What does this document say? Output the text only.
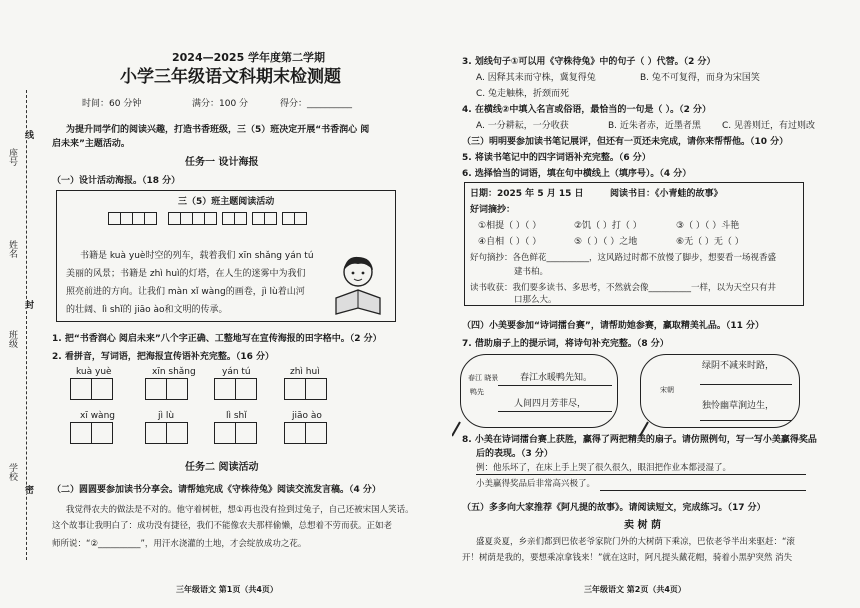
座号
姓名
班级
学校
线
封
密
2024—2025 学年度第二学期
小学三年级语文科期末检测题
时间：60 分钟	满分：100 分	得分：__________
为提升同学们的阅读兴趣，打造书香班级，三（5）班决定开展“书香润心 阅
启未来”主题活动。
任务一 设计海报
（一）设计活动海报。（18 分）
三（5）班主题阅读活动
书籍是 kuà yuè时空的列车，载着我们 xīn shǎng yán tú
美丽的风景；书籍是 zhì huì的灯塔，在人生的迷雾中为我们
照亮前进的方向。让我们 màn xǐ wàng的画卷，jì lù着山河
的壮阔、lì shǐ的 jiāo ào和文明的传承。
1. 把“书香润心 阅启未来”八个字正确、工整地写在宣传海报的田字格中。（2 分）
2. 看拼音，写词语，把海报宣传语补充完整。（16 分）
kuà yuè	xīn shǎng	yán tú	zhì huì
xī wàng	jì lù	lì shǐ	jiāo ào
任务二 阅读活动
（二）圆圆要参加读书分享会。请帮她完成《守株待兔》阅读交流发言稿。（4 分）
我觉得农夫的做法是不对的。他守着树桩，想①再也没有捡到过兔子，自己还被宋国人笑话。
这个故事让我明白了：成功没有捷径，我们不能像农夫那样偷懒，总想着不劳而获。正如老
师所说：“②__________”，用汗水浇灌的土地，才会绽放成功之花。
三年级语文 第1页（共4页）
3. 划线句子①可以用《守株待兔》中的句子（ ）代替。（2 分）
A. 因释其耒而守株，冀复得兔	B. 兔不可复得，而身为宋国笑
C. 兔走触株，折颈而死
4. 在横线②中填入名言或俗语，最恰当的一句是（ ）。（2 分）
A. 一分耕耘，一分收获	B. 近朱者赤，近墨者黑 C. 见善则迁，有过则改
（三）明明要参加读书笔记展评，但还有一页还未完成，请你来帮帮他。（10 分）
5. 将读书笔记中的四字词语补充完整。（6 分）
6. 选择恰当的词语，填在句中横线上（填序号）。（4 分）
日期：2025 年 5 月 15 日	阅读书目：《小青蛙的故事》
好词摘抄：
①相提（ ）（ ）	②饥（ ）打（ ）	③（ ）（ ）斗艳
④自相（ ）（ ）	⑤（ ）（ ）之地	⑥无（ ）无（ ）
好句摘抄：各色鲜花__________，这风路过时都不放慢了脚步，想要看一场视香盛
建书柏。
读书收获：我们要多读书、多思考，不然就会像__________一样，以为天空只有井
口那么大。
（四）小美要参加“诗词擂台赛”，请帮助她参赛，赢取精美礼品。（11 分）
7. 借助扇子上的提示词，将诗句补充完整。（8 分）
春江 晓景 春江水暖鸭先知。
鸭先
人间四月芳菲尽，
绿阴不减来时路，
宋朝
独怜幽草涧边生，
8. 小美在诗词擂台赛上获胜，赢得了两把精美的扇子。请仿照例句，写一写小美赢得奖品
后的表现。（3 分）
例：他乐坏了，在床上手上哭了很久很久，眼泪把作业本都浸湿了。
小美赢得奖品后非常高兴极了。
（五）多多向大家推荐《阿凡提的故事》。请阅读短文，完成练习。（17 分）
卖 树 荫
盛夏炎夏，乡亲们都到巴依老爷家院门外的大树荫下乘凉，巴依老爷半出来驱赶：“滚
开！树荫是我的，要想乘凉拿钱来！”就在这时，阿凡提头戴花帽，骑着小黑驴突然 消失
三年级语文 第2页（共4页）
